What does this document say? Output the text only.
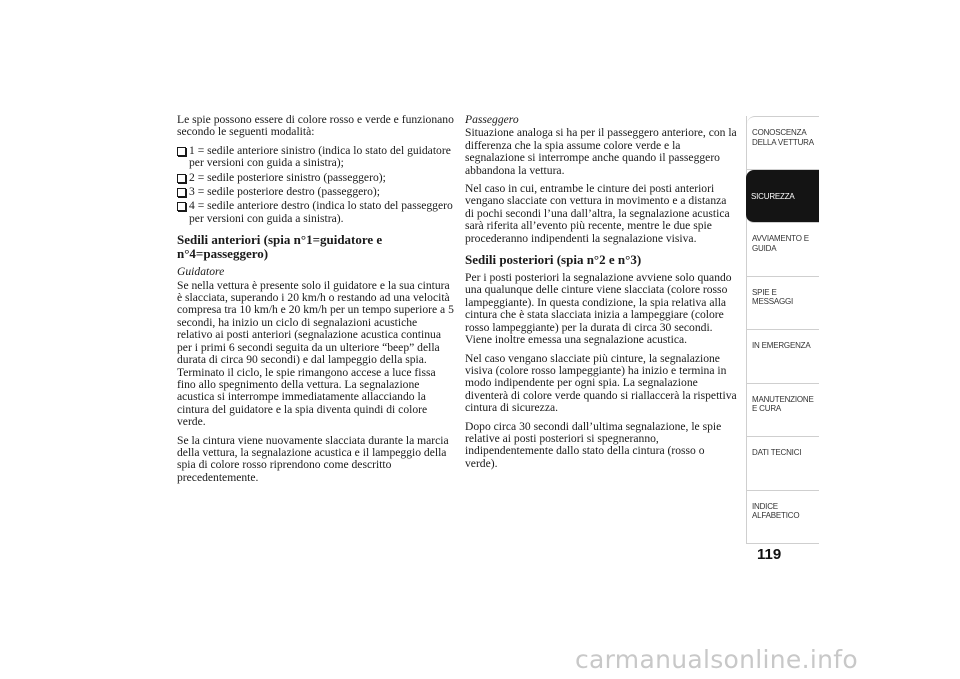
Le spie possono essere di colore rosso e verde e funzionano secondo le seguenti modalità:

1 = sedile anteriore sinistro (indica lo stato del guidatore per versioni con guida a sinistra);
2 = sedile posteriore sinistro (passeggero);
3 = sedile posteriore destro (passeggero);
4 = sedile anteriore destro (indica lo stato del passeggero per versioni con guida a sinistra).
Sedili anteriori (spia n°1=guidatore e n°4=passeggero)
Guidatore

Se nella vettura è presente solo il guidatore e la sua cintura è slacciata, superando i 20 km/h o restando ad una velocità compresa tra 10 km/h e 20 km/h per un tempo superiore a 5 secondi, ha inizio un ciclo di segnalazioni acustiche relativo ai posti anteriori (segnalazione acustica continua per i primi 6 secondi seguita da un ulteriore “beep” della durata di circa 90 secondi) e dal lampeggio della spia. Terminato il ciclo, le spie rimangono accese a luce fissa fino allo spegnimento della vettura. La segnalazione acustica si interrompe immediatamente allacciando la cintura del guidatore e la spia diventa quindi di colore verde.

Se la cintura viene nuovamente slacciata durante la marcia della vettura, la segnalazione acustica e il lampeggio della spia di colore rosso riprendono come descritto precedentemente.

Passeggero

Situazione analoga si ha per il passeggero anteriore, con la differenza che la spia assume colore verde e la segnalazione si interrompe anche quando il passeggero abbandona la vettura.

Nel caso in cui, entrambe le cinture dei posti anteriori vengano slacciate con vettura in movimento e a distanza di pochi secondi l’una dall’altra, la segnalazione acustica sarà riferita all’evento più recente, mentre le due spie procederanno indipendenti la segnalazione visiva.

Sedili posteriori (spia n°2 e n°3)

Per i posti posteriori la segnalazione avviene solo quando una qualunque delle cinture viene slacciata (colore rosso lampeggiante). In questa condizione, la spia relativa alla cintura che è stata slacciata inizia a lampeggiare (colore rosso lampeggiante) per la durata di circa 30 secondi. Viene inoltre emessa una segnalazione acustica.

Nel caso vengano slacciate più cinture, la segnalazione visiva (colore rosso lampeggiante) ha inizio e termina in modo indipendente per ogni spia. La segnalazione diventerà di colore verde quando si riallaccerà la rispettiva cintura di sicurezza.

Dopo circa 30 secondi dall’ultima segnalazione, le spie relative ai posti posteriori si spegneranno, indipendentemente dallo stato della cintura (rosso o verde).

CONOSCENZA DELLA VETTURA
SICUREZZA
AVVIAMENTO E GUIDA
SPIE E MESSAGGI
IN EMERGENZA
MANUTENZIONE E CURA
DATI TECNICI
INDICE ALFABETICO
119
carmanualsonline.info
